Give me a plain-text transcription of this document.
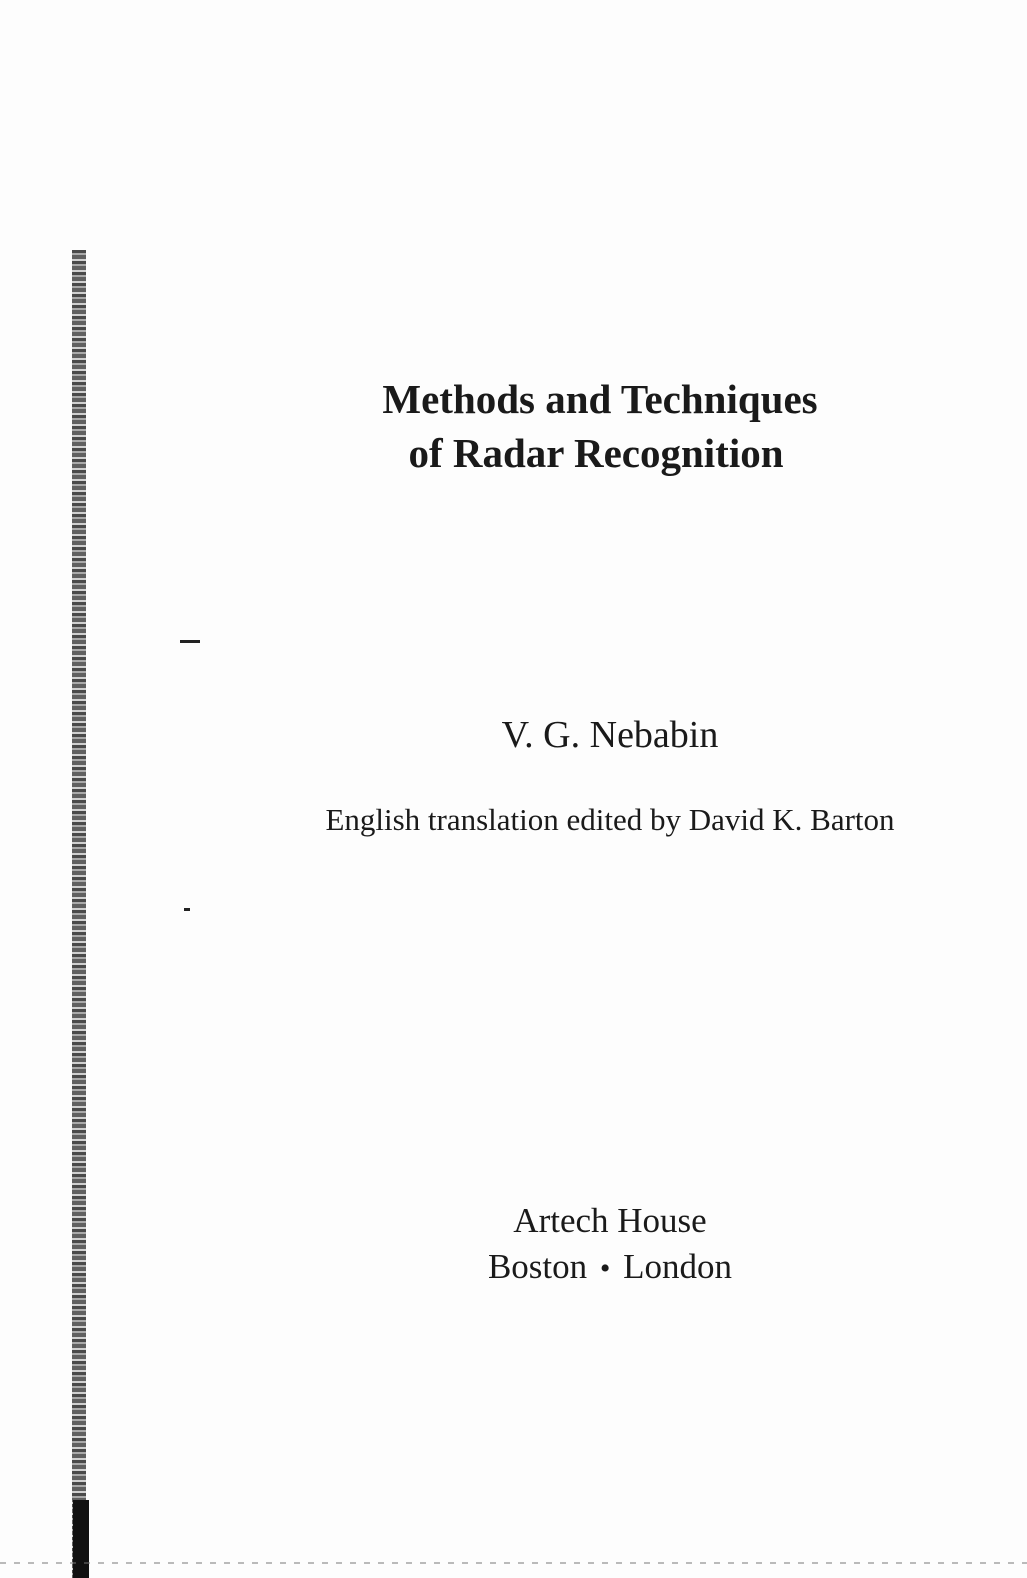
Methods and Techniques
of Radar Recognition
V. G. Nebabin
English translation edited by David K. Barton
Artech House
Boston • London
